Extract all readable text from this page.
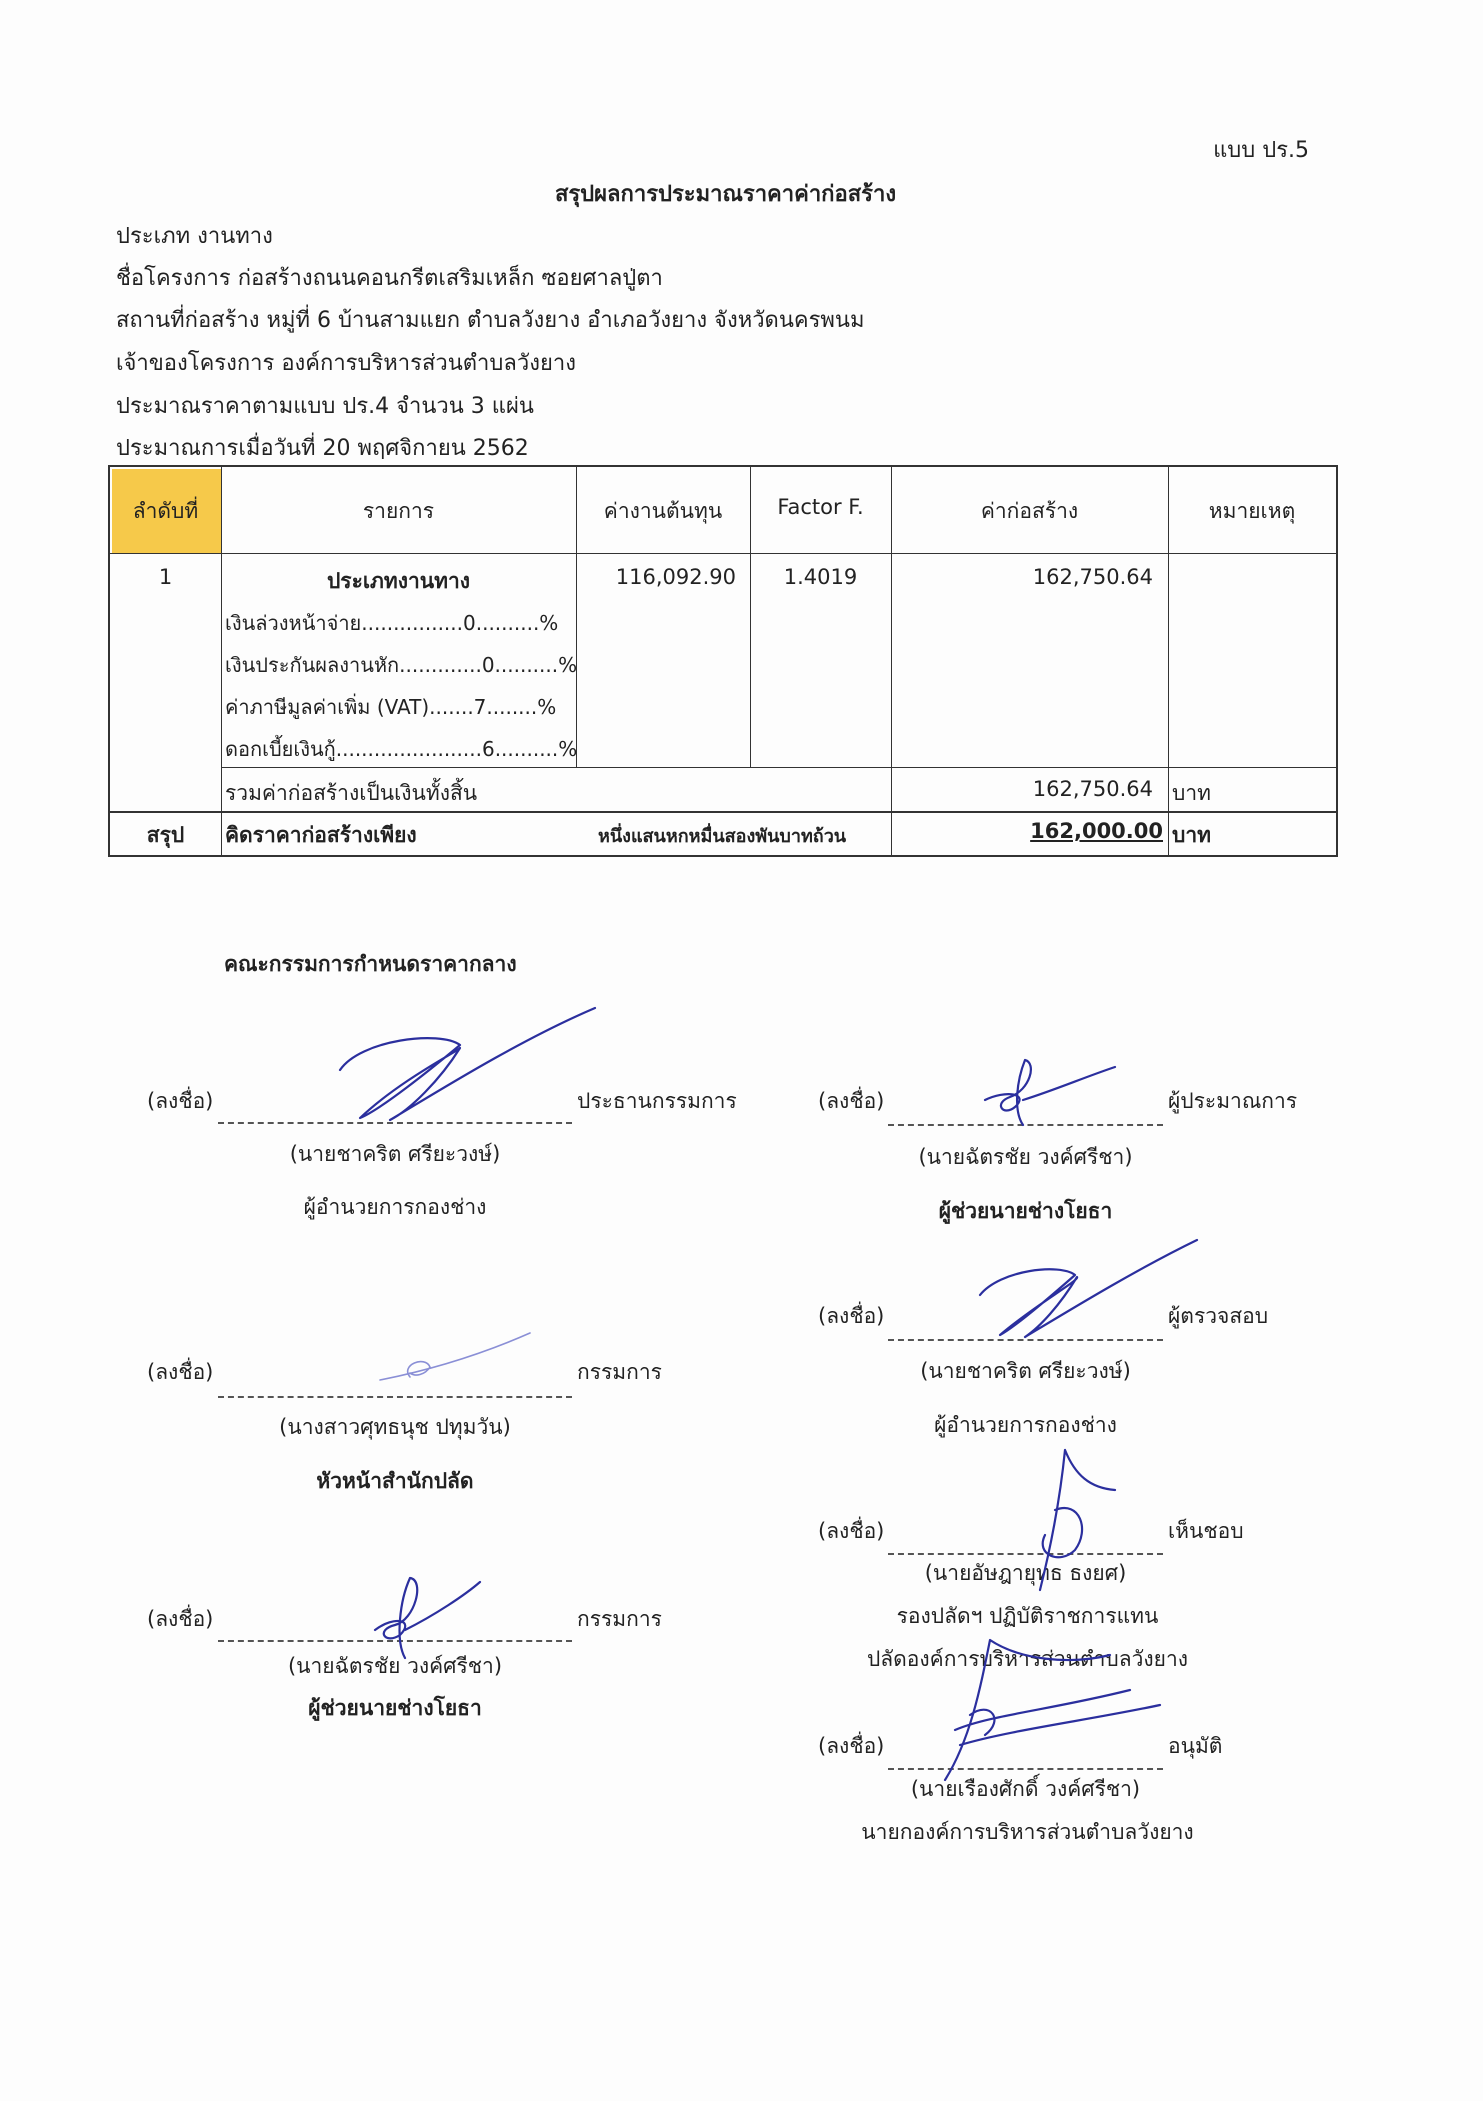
แบบ ปร.5
สรุปผลการประมาณราคาค่าก่อสร้าง
ประเภท งานทาง
ชื่อโครงการ ก่อสร้างถนนคอนกรีตเสริมเหล็ก ซอยศาลปู่ตา
สถานที่ก่อสร้าง หมู่ที่ 6 บ้านสามแยก ตำบลวังยาง อำเภอวังยาง จังหวัดนครพนม
เจ้าของโครงการ องค์การบริหารส่วนตำบลวังยาง
ประมาณราคาตามแบบ ปร.4 จำนวน 3 แผ่น
ประมาณการเมื่อวันที่ 20 พฤศจิกายน 2562
ลำดับที่	รายการ	ค่างานต้นทุน	Factor F.	ค่าก่อสร้าง	หมายเหตุ
1	ประเภทงานทาง	116,092.90	1.4019	162,750.64
เงินล่วงหน้าจ่าย................0..........%
เงินประกันผลงานหัก.............0..........%
ค่าภาษีมูลค่าเพิ่ม (VAT).......7........%
ดอกเบี้ยเงินกู้.......................6..........%
รวมค่าก่อสร้างเป็นเงินทั้งสิ้น	162,750.64 บาท
สรุป	คิดราคาก่อสร้างเพียง	หนึ่งแสนหกหมื่นสองพันบาทถ้วน	162,000.00 บาท
คณะกรรมการกำหนดราคากลาง
(ลงชื่อ)	ประธานกรรมการ
(นายชาคริต ศรียะวงษ์)
ผู้อำนวยการกองช่าง
(ลงชื่อ)	กรรมการ
(นางสาวศุทธนุช ปทุมวัน)
หัวหน้าสำนักปลัด
(ลงชื่อ)	กรรมการ
(นายฉัตรชัย วงค์ศรีชา)
ผู้ช่วยนายช่างโยธา
(ลงชื่อ)	ผู้ประมาณการ
(นายฉัตรชัย วงค์ศรีชา)
ผู้ช่วยนายช่างโยธา
(ลงชื่อ)	ผู้ตรวจสอบ
(นายชาคริต ศรียะวงษ์)
ผู้อำนวยการกองช่าง
(ลงชื่อ)	เห็นชอบ
(นายอัษฎายุทธ ธงยศ)
รองปลัดฯ ปฏิบัติราชการแทน
ปลัดองค์การบริหารส่วนตำบลวังยาง
(ลงชื่อ)	อนุมัติ
(นายเรืองศักดิ์ วงค์ศรีชา)
นายกองค์การบริหารส่วนตำบลวังยาง
